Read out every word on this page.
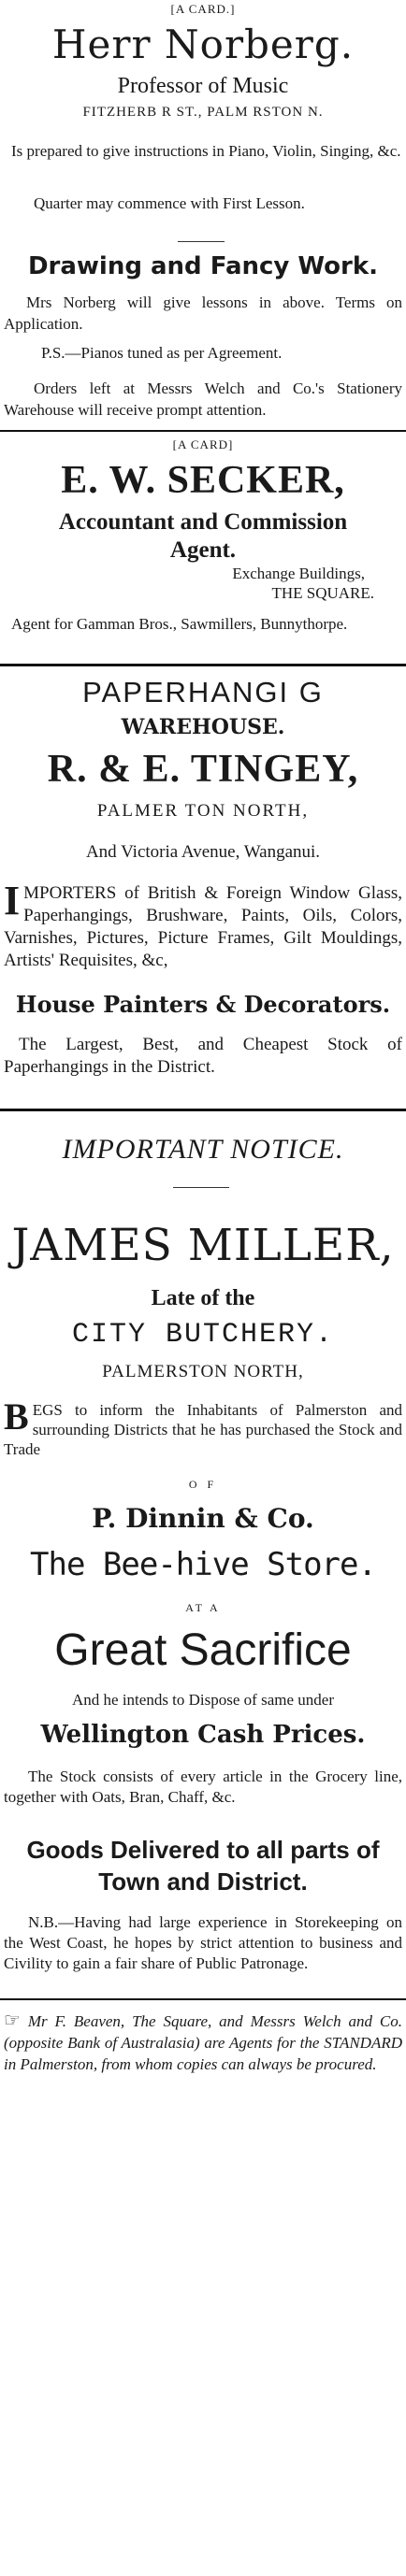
[A CARD.]
Herr Norberg.
Professor of Music
FITZHERB R ST., PALM RSTON N.
Is prepared to give instructions in Piano, Violin, Singing, &c.
Quarter may commence with First Lesson.
Drawing and Fancy Work.
Mrs Norberg will give lessons in above. Terms on Application.
P.S.—Pianos tuned as per Agreement.
Orders left at Messrs Welch and Co.'s Stationery Warehouse will receive prompt attention.
[A CARD]
E. W. SECKER,
Accountant and Commission Agent.
Exchange Buildings,
THE SQUARE.
Agent for Gamman Bros., Sawmillers, Bunnythorpe.
PAPERHANGI G
WAREHOUSE.
R. & E. TINGEY,
PALMER TON NORTH,
And Victoria Avenue, Wanganui.
IMPORTERS of British & Foreign Window Glass, Paperhangings, Brushware, Paints, Oils, Colors, Varnishes, Pictures, Picture Frames, Gilt Mouldings, Artists' Requisites, &c,
House Painters & Decorators.
The Largest, Best, and Cheapest Stock of Paperhangings in the District.
IMPORTANT NOTICE.
JAMES MILLER,
Late of the
CITY BUTCHERY.
PALMERSTON NORTH,
BEGS to inform the Inhabitants of Palmerston and surrounding Districts that he has purchased the Stock and Trade
O F
P. Dinnin & Co.
The Bee-hive Store.
AT A
Great Sacrifice
And he intends to Dispose of same under
Wellington Cash Prices.
The Stock consists of every article in the Grocery line, together with Oats, Bran, Chaff, &c.
Goods Delivered to all parts of Town and District.
N.B.—Having had large experience in Storekeeping on the West Coast, he hopes by strict attention to business and Civility to gain a fair share of Public Patronage.
☞ Mr F. Beaven, The Square, and Messrs Welch and Co. (opposite Bank of Australasia) are Agents for the STANDARD in Palmerston, from whom copies can always be procured.
